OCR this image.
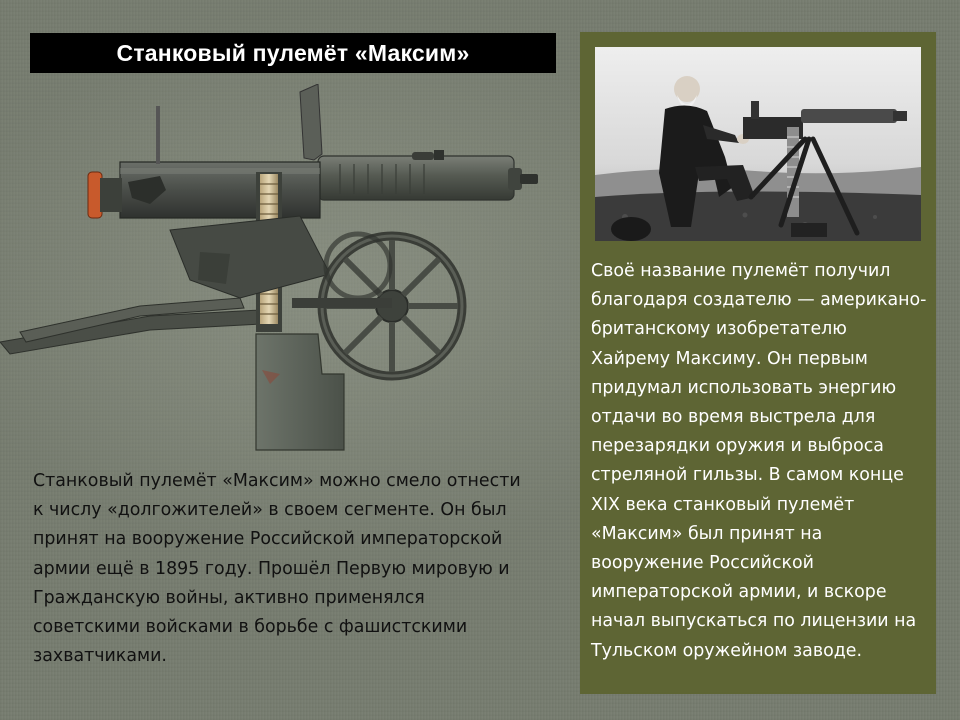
Станковый пулемёт «Максим»
Станковый пулемёт «Максим» можно смело отнести к числу «долгожителей» в своем сегменте. Он был принят на вооружение Российской императорской армии ещё в 1895 году. Прошёл Первую мировую и Гражданскую войны, активно применялся советскими войсками в борьбе с фашистскими захватчиками.
Своё название пулемёт получил благодаря создателю — американо-британскому изобретателю Хайрему Максиму. Он первым придумал использовать энергию отдачи во время выстрела для перезарядки оружия и выброса стреляной гильзы. В самом конце XIX века станковый пулемёт «Максим» был принят на вооружение Российской императорской армии, и вскоре начал выпускаться по лицензии на Тульском оружейном заводе.
